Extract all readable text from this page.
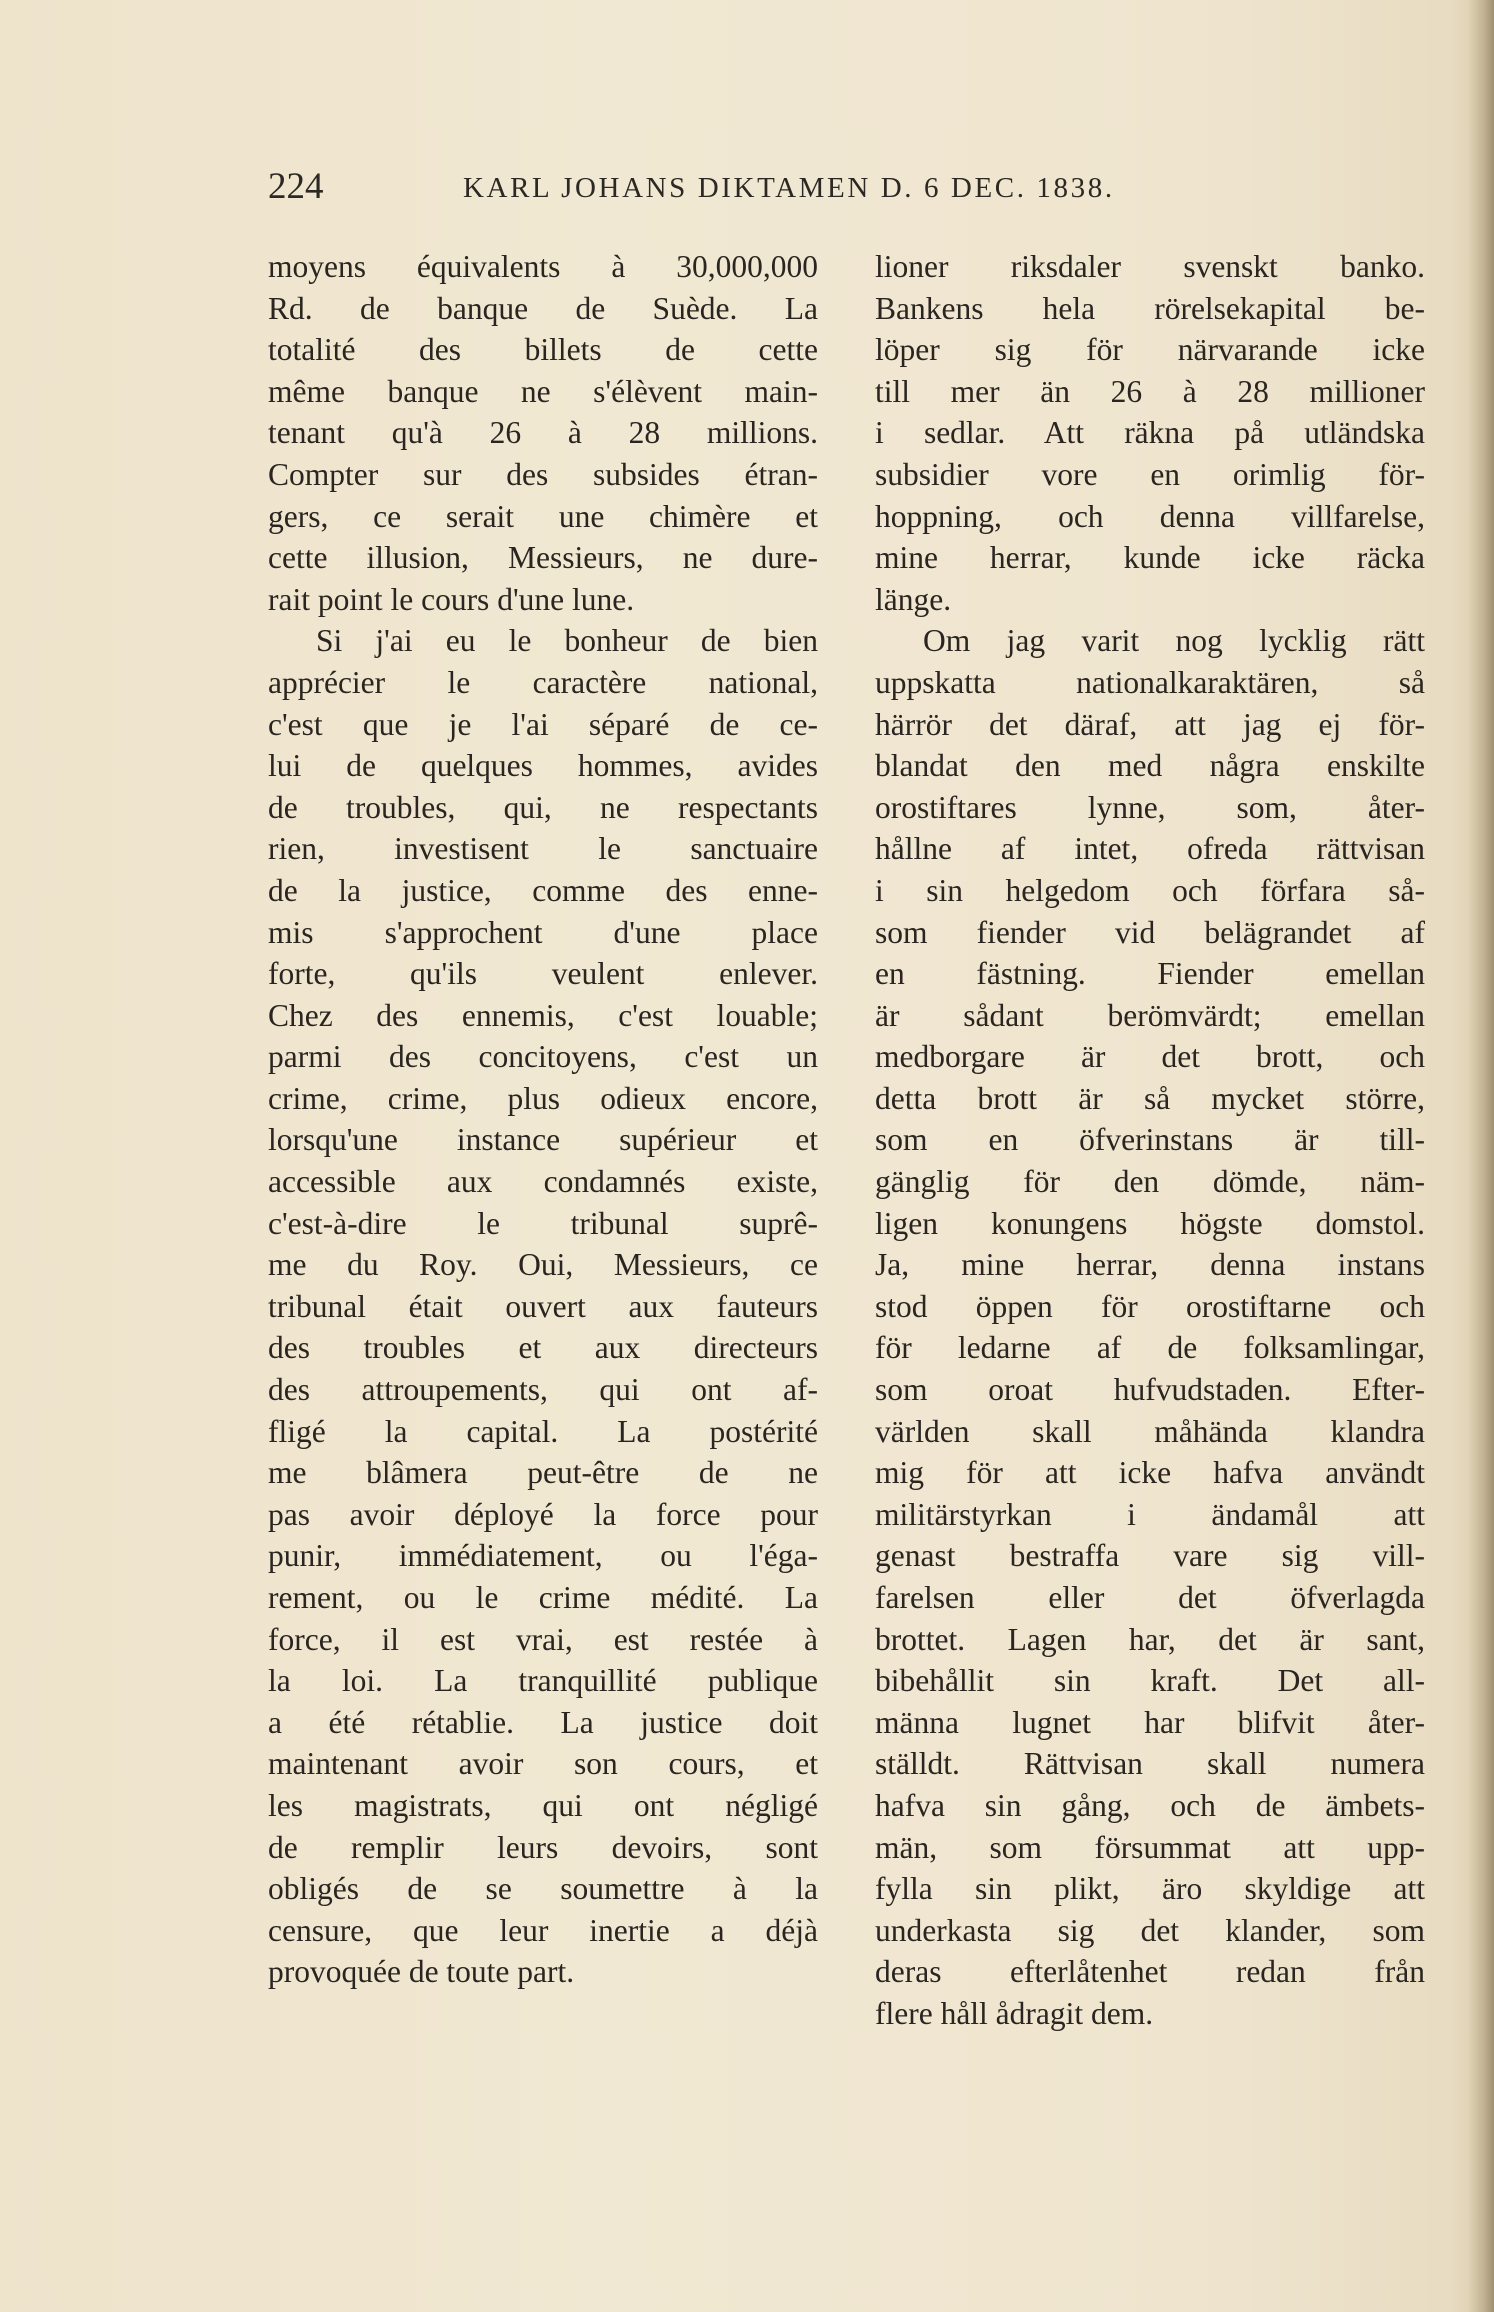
224	KARL JOHANS DIKTAMEN D. 6 DEC. 1838.
moyens équivalents à 30,000,000
Rd. de banque de Suède. La
totalité des billets de cette
même banque ne s'élèvent main-
tenant qu'à 26 à 28 millions.
Compter sur des subsides étran-
gers, ce serait une chimère et
cette illusion, Messieurs, ne dure-
rait point le cours d'une lune.
Si j'ai eu le bonheur de bien
apprécier le caractère national,
c'est que je l'ai séparé de ce-
lui de quelques hommes, avides
de troubles, qui, ne respectants
rien, investisent le sanctuaire
de la justice, comme des enne-
mis s'approchent d'une place
forte, qu'ils veulent enlever.
Chez des ennemis, c'est louable;
parmi des concitoyens, c'est un
crime, crime, plus odieux encore,
lorsqu'une instance supérieur et
accessible aux condamnés existe,
c'est-à-dire le tribunal suprê-
me du Roy. Oui, Messieurs, ce
tribunal était ouvert aux fauteurs
des troubles et aux directeurs
des attroupements, qui ont af-
fligé la capital. La postérité
me blâmera peut-être de ne
pas avoir déployé la force pour
punir, immédiatement, ou l'éga-
rement, ou le crime médité. La
force, il est vrai, est restée à
la loi. La tranquillité publique
a été rétablie. La justice doit
maintenant avoir son cours, et
les magistrats, qui ont négligé
de remplir leurs devoirs, sont
obligés de se soumettre à la
censure, que leur inertie a déjà
provoquée de toute part.
lioner riksdaler svenskt banko.
Bankens hela rörelsekapital be-
löper sig för närvarande icke
till mer än 26 à 28 millioner
i sedlar. Att räkna på utländska
subsidier vore en orimlig för-
hoppning, och denna villfarelse,
mine herrar, kunde icke räcka
länge.
Om jag varit nog lycklig rätt
uppskatta nationalkaraktären, så
härrör det däraf, att jag ej för-
blandat den med några enskilte
orostiftares lynne, som, åter-
hållne af intet, ofreda rättvisan
i sin helgedom och förfara så-
som fiender vid belägrandet af
en fästning. Fiender emellan
är sådant berömvärdt; emellan
medborgare är det brott, och
detta brott är så mycket större,
som en öfverinstans är till-
gänglig för den dömde, näm-
ligen konungens högste domstol.
Ja, mine herrar, denna instans
stod öppen för orostiftarne och
för ledarne af de folksamlingar,
som oroat hufvudstaden. Efter-
världen skall måhända klandra
mig för att icke hafva användt
militärstyrkan i ändamål att
genast bestraffa vare sig vill-
farelsen eller det öfverlagda
brottet. Lagen har, det är sant,
bibehållit sin kraft. Det all-
männa lugnet har blifvit åter-
ställdt. Rättvisan skall numera
hafva sin gång, och de ämbets-
män, som försummat att upp-
fylla sin plikt, äro skyldige att
underkasta sig det klander, som
deras efterlåtenhet redan från
flere håll ådragit dem.
